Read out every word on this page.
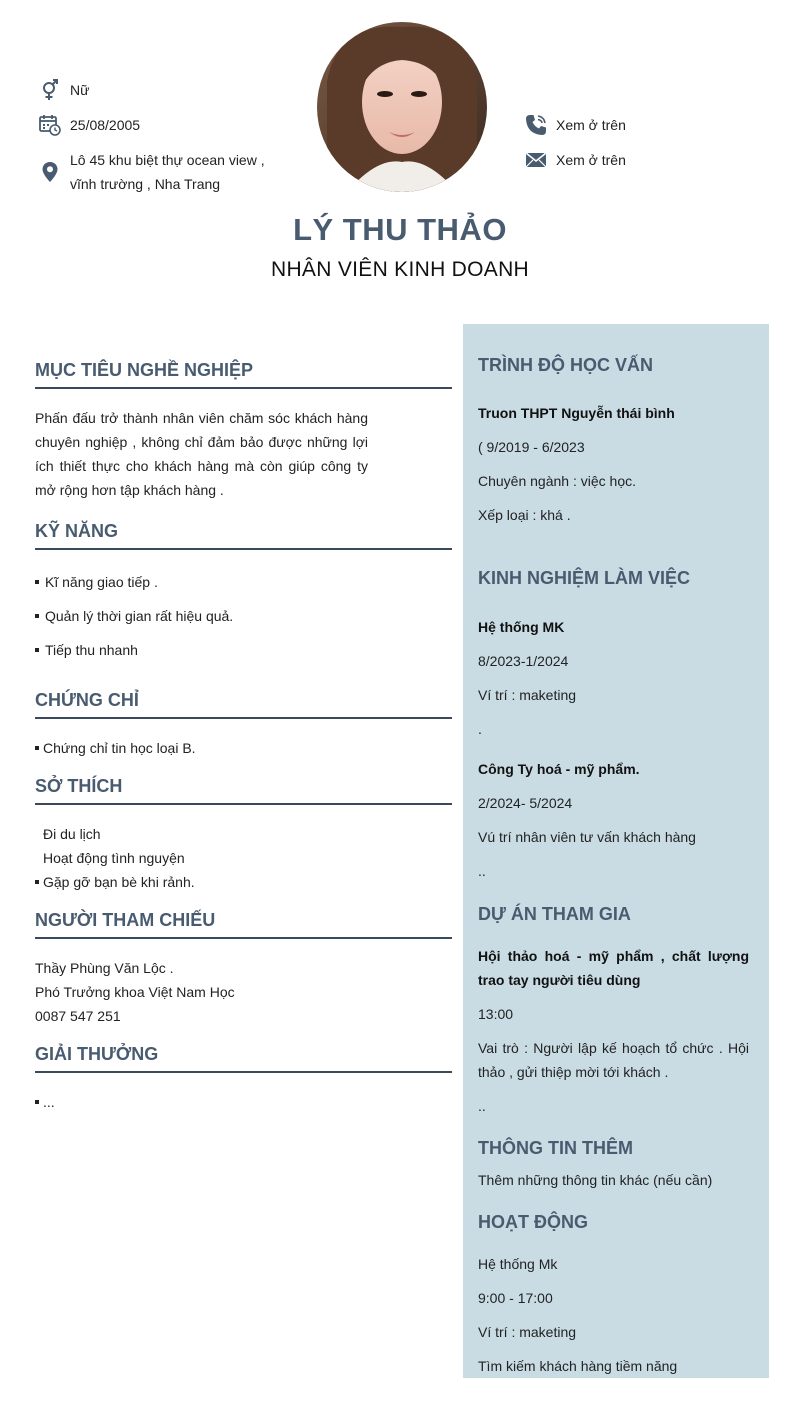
Nữ
25/08/2005
Lô 45 khu biệt thự ocean view ,
vĩnh trường , Nha Trang
Xem ở trên
Xem ở trên
LÝ THU THẢO
NHÂN VIÊN KINH DOANH
MỤC TIÊU NGHỀ NGHIỆP
Phấn đấu trở thành nhân viên chăm sóc khách hàng chuyên nghiệp , không chỉ đảm bảo được những lợi ích thiết thực cho khách hàng mà còn giúp công ty mở rộng hơn tập khách hàng .
KỸ NĂNG
Kĩ năng giao tiếp .
Quản lý thời gian rất hiệu quả.
Tiếp thu nhanh
CHỨNG CHỈ
Chứng chỉ tin học loại B.
SỞ THÍCH
Đi du lịch
Hoạt động tình nguyện
Gặp gỡ bạn bè khi rảnh.
NGƯỜI THAM CHIẾU
Thầy Phùng Văn Lộc .
Phó Trưởng khoa Việt Nam Học
0087 547 251
GIẢI THƯỞNG
...
TRÌNH ĐỘ HỌC VẤN
Truon THPT Nguyễn thái bình
( 9/2019 - 6/2023
Chuyên ngành : việc học.
Xếp loại : khá .
KINH NGHIỆM LÀM VIỆC
Hệ thống MK
8/2023-1/2024
Ví trí : maketing
.
Công Ty hoá - mỹ phẩm.
2/2024- 5/2024
Vú trí nhân viên tư vấn khách hàng
..
DỰ ÁN THAM GIA
Hội thảo hoá - mỹ phẩm , chất lượng trao tay người tiêu dùng
13:00
Vai trò : Người lập kế hoạch tổ chức . Hội thảo , gửi thiệp mời tới khách .
..
THÔNG TIN THÊM
Thêm những thông tin khác (nếu cần)
HOẠT ĐỘNG
Hệ thống Mk
9:00 - 17:00
Ví trí : maketing
Tìm kiếm khách hàng tiềm năng
